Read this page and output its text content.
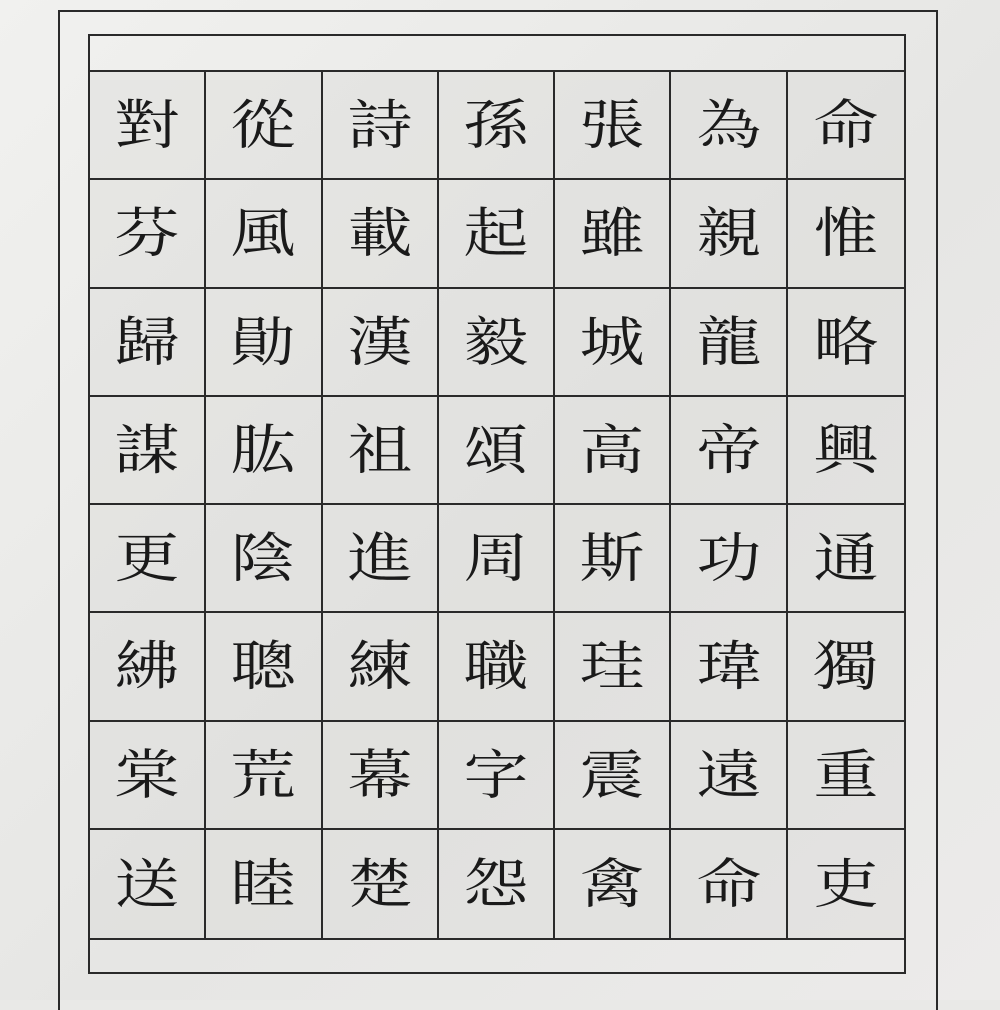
對 從 詩 孫 張 為 命
芬 風 載 起 雖 親 惟
歸 勛 漢 毅 城 龍 略
謀 肱 祖 頌 高 帝 興
更 陰 進 周 斯 功 通
紼 聰 練 職 珪 瑋 獨
棠 荒 幕 字 震 遠 重
送 睦 楚 怨 禽 命 吏
